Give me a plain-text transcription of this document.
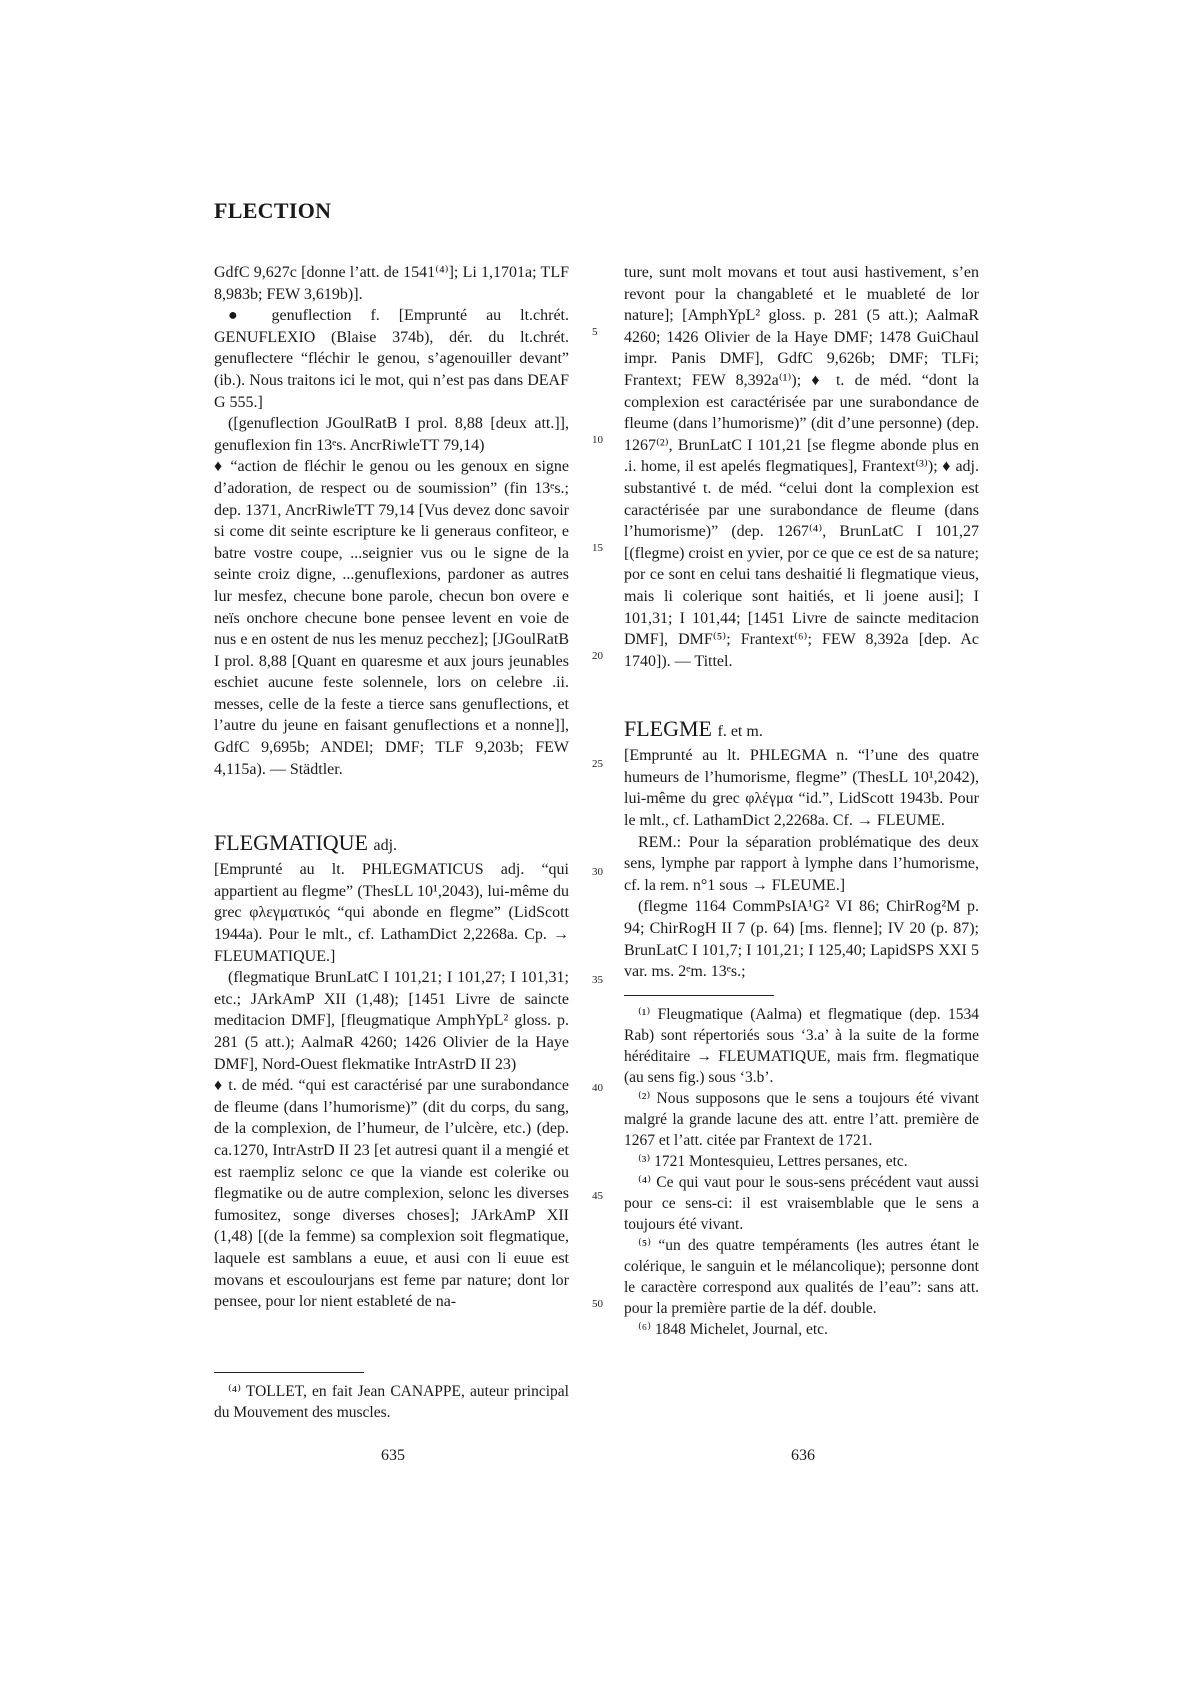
FLECTION

GdfC 9,627c [donne l’att. de 1541⁽⁴⁾]; Li 1,1701a; TLF 8,983b; FEW 3,619b)].

● genuflection f. [Emprunté au lt.chrét. GENUFLEXIO (Blaise 374b), dér. du lt.chrét. genuflectere “fléchir le genou, s’agenouiller devant” (ib.). Nous traitons ici le mot, qui n’est pas dans DEAF G 555.]

([genuflection JGoulRatB I prol. 8,88 [deux att.]], genuflexion fin 13ᵉs. AncrRiwleTT 79,14)

♦ “action de fléchir le genou ou les genoux en signe d’adoration, de respect ou de soumission” (fin 13ᵉs.; dep. 1371, AncrRiwleTT 79,14 [Vus devez donc savoir si come dit seinte escripture ke li generaus confiteor, e batre vostre coupe, ...seignier vus ou le signe de la seinte croiz digne, ...genuflexions, pardoner as autres lur mesfez, checune bone parole, checun bon overe e neïs onchore checune bone pensee levent en voie de nus e en ostent de nus les menuz pecchez]; [JGoulRatB I prol. 8,88 [Quant en quaresme et aux jours jeunables eschiet aucune feste solennele, lors on celebre .ii. messes, celle de la feste a tierce sans genuflections, et l’autre du jeune en faisant genuflections et a nonne]], GdfC 9,695b; ANDEl; DMF; TLF 9,203b; FEW 4,115a). — Städtler.

FLEGMATIQUE adj.

[Emprunté au lt. PHLEGMATICUS adj. “qui appartient au flegme” (ThesLL 10¹,2043), lui-même du grec φλεγματικός “qui abonde en flegme” (LidScott 1944a). Pour le mlt., cf. LathamDict 2,2268a. Cp. → FLEUMATIQUE.]

(flegmatique BrunLatC I 101,21; I 101,27; I 101,31; etc.; JArkAmP XII (1,48); [1451 Livre de saincte meditacion DMF], [fleugmatique AmphYpL² gloss. p. 281 (5 att.); AalmaR 4260; 1426 Olivier de la Haye DMF], Nord-Ouest flekmatike IntrAstrD II 23)

♦ t. de méd. “qui est caractérisé par une surabondance de fleume (dans l’humorisme)” (dit du corps, du sang, de la complexion, de l’humeur, de l’ulcère, etc.) (dep. ca.1270, IntrAstrD II 23 [et autresi quant il a mengié et est raempliz selonc ce que la viande est colerike ou flegmatike ou de autre complexion, selonc les diverses fumositez, songe diverses choses]; JArkAmP XII (1,48) [(de la femme) sa complexion soit flegmatique, laquele est samblans a euue, et ausi con li euue est movans et escoulourjans est feme par nature; dont lor pensee, pour lor nient estableté de na-

5
10
15
20
25
30
35
40
45
50

ture, sunt molt movans et tout ausi hastivement, s’en revont pour la changableté et le muableté de lor nature]; [AmphYpL² gloss. p. 281 (5 att.); AalmaR 4260; 1426 Olivier de la Haye DMF; 1478 GuiChaul impr. Panis DMF], GdfC 9,626b; DMF; TLFi; Frantext; FEW 8,392a⁽¹⁾); ♦ t. de méd. “dont la complexion est caractérisée par une surabondance de fleume (dans l’humorisme)” (dit d’une personne) (dep. 1267⁽²⁾, BrunLatC I 101,21 [se flegme abonde plus en .i. home, il est apelés flegmatiques], Frantext⁽³⁾); ♦ adj. substantivé t. de méd. “celui dont la complexion est caractérisée par une surabondance de fleume (dans l’humorisme)” (dep. 1267⁽⁴⁾, BrunLatC I 101,27 [(flegme) croist en yvier, por ce que ce est de sa nature; por ce sont en celui tans deshaitié li flegmatique vieus, mais li colerique sont haitiés, et li joene ausi]; I 101,31; I 101,44; [1451 Livre de saincte meditacion DMF], DMF⁽⁵⁾; Frantext⁽⁶⁾; FEW 8,392a [dep. Ac 1740]). — Tittel.

FLEGME f. et m.

[Emprunté au lt. PHLEGMA n. “l’une des quatre humeurs de l’humorisme, flegme” (ThesLL 10¹,2042), lui-même du grec φλέγμα “id.”, LidScott 1943b. Pour le mlt., cf. LathamDict 2,2268a. Cf. → FLEUME.

REM.: Pour la séparation problématique des deux sens, lymphe par rapport à lymphe dans l’humorisme, cf. la rem. n°1 sous → FLEUME.]

(flegme 1164 CommPsIA¹G² VI 86; ChirRog²M p. 94; ChirRogH II 7 (p. 64) [ms. flenne]; IV 20 (p. 87); BrunLatC I 101,7; I 101,21; I 125,40; LapidSPS XXI 5 var. ms. 2ᵉm. 13ᵉs.;

⁽¹⁾ Fleugmatique (Aalma) et flegmatique (dep. 1534 Rab) sont répertoriés sous ‘3.a’ à la suite de la forme héréditaire → FLEUMATIQUE, mais frm. flegmatique (au sens fig.) sous ‘3.b’.

⁽²⁾ Nous supposons que le sens a toujours été vivant malgré la grande lacune des att. entre l’att. première de 1267 et l’att. citée par Frantext de 1721.

⁽³⁾ 1721 Montesquieu, Lettres persanes, etc.

⁽⁴⁾ Ce qui vaut pour le sous-sens précédent vaut aussi pour ce sens-ci: il est vraisemblable que le sens a toujours été vivant.

⁽⁵⁾ “un des quatre tempéraments (les autres étant le colérique, le sanguin et le mélancolique); personne dont le caractère correspond aux qualités de l’eau”: sans att. pour la première partie de la déf. double.

⁽⁶⁾ 1848 Michelet, Journal, etc.

⁽⁴⁾ TOLLET, en fait Jean CANAPPE, auteur principal du Mouvement des muscles.

635	636
